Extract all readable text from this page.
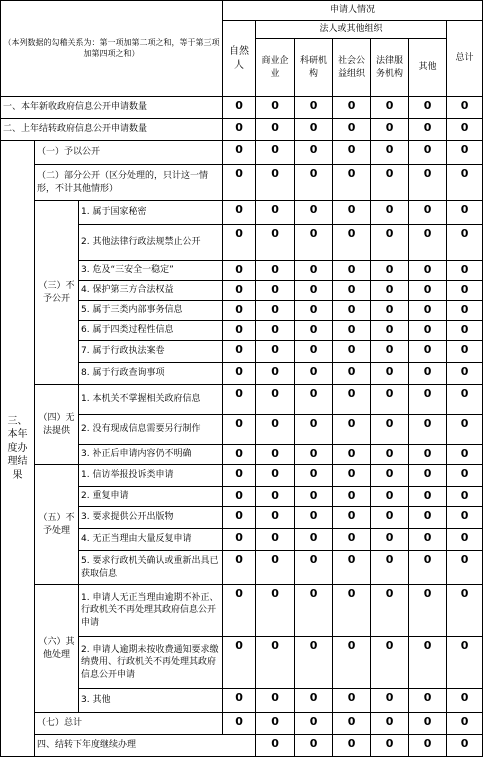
（本列数据的勾稽关系为：第一项加第二项之和，等于第三项加第四项之和）			申请人情况							
			自然人	法人或其他组织					总计	
				商业企业	科研机构	社会公益组织	法律服务机构	其他		
一、本年新收政府信息公开申请数量			0	0	0	0	0	0	0	
二、上年结转政府信息公开申请数量			0	0	0	0	0	0	0	
三、本年度办理结果	（一）予以公开		0	0	0	0	0	0	0	
	（二）部分公开（区分处理的，只计这一情形，不计其他情形）		0	0	0	0	0	0	0	
	（三）不予公开	1. 属于国家秘密	0	0	0	0	0	0	0	
		2. 其他法律行政法规禁止公开	0	0	0	0	0	0	0	
		3. 危及“三安全一稳定”	0	0	0	0	0	0	0	
		4. 保护第三方合法权益	0	0	0	0	0	0	0	
		5. 属于三类内部事务信息	0	0	0	0	0	0	0	
		6. 属于四类过程性信息	0	0	0	0	0	0	0	
		7. 属于行政执法案卷	0	0	0	0	0	0	0	
		8. 属于行政查询事项	0	0	0	0	0	0	0	
	（四）无法提供	1. 本机关不掌握相关政府信息	0	0	0	0	0	0	0	
		2. 没有现成信息需要另行制作	0	0	0	0	0	0	0	
		3. 补正后申请内容仍不明确	0	0	0	0	0	0	0	
	（五）不予处理	1. 信访举报投诉类申请	0	0	0	0	0	0	0	
		2. 重复申请	0	0	0	0	0	0	0	
		3. 要求提供公开出版物	0	0	0	0	0	0	0	
		4. 无正当理由大量反复申请	0	0	0	0	0	0	0	
		5. 要求行政机关确认或重新出具已获取信息	0	0	0	0	0	0	0	
	（六）其他处理	1. 申请人无正当理由逾期不补正、行政机关不再处理其政府信息公开申请	0	0	0	0	0	0	0	
		2. 申请人逾期未按收费通知要求缴纳费用、行政机关不再处理其政府信息公开申请	0	0	0	0	0	0	0	
		3. 其他	0	0	0	0	0	0	0	
	（七）总计		0	0	0	0	0	0	0	
	四、结转下年度继续办理			0	0	0	0	0	0	
